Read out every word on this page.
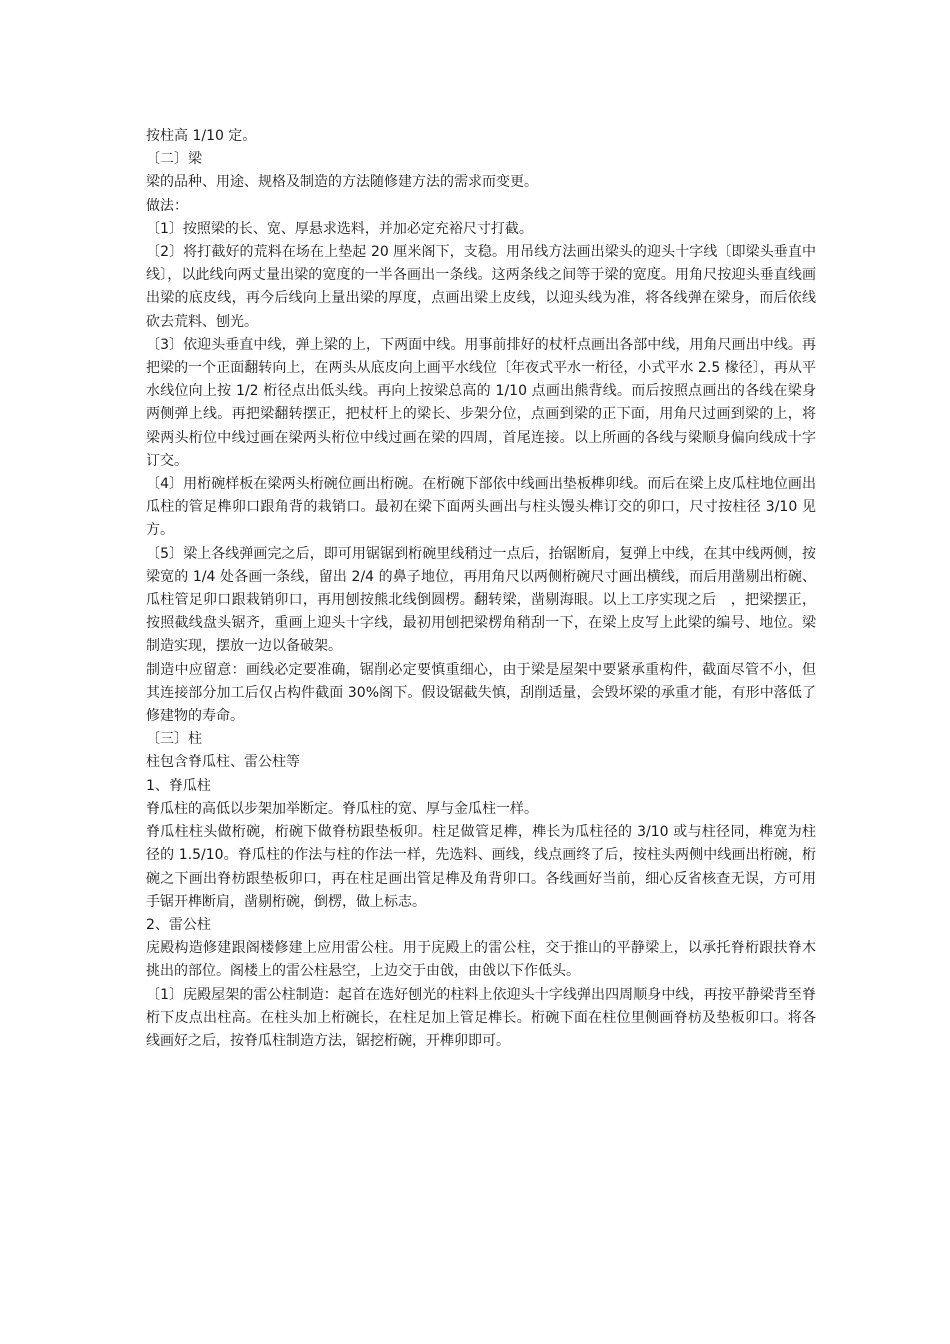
按柱高 1/10 定。

〔二〕梁

梁的品种、用途、规格及制造的方法随修建方法的需求而变更。

做法：

〔1〕按照梁的长、宽、厚悬求选料，并加必定充裕尺寸打截。

〔2〕将打截好的荒料在场在上垫起 20 厘米阁下，支稳。用吊线方法画出梁头的迎头十字线〔即梁头垂直中线〕，以此线向两丈量出梁的宽度的一半各画出一条线。这两条线之间等于梁的宽度。用角尺按迎头垂直线画出梁的底皮线，再今后线向上量出梁的厚度，点画出梁上皮线，以迎头线为准，将各线弹在梁身，而后依线砍去荒料、刨光。

〔3〕依迎头垂直中线，弹上梁的上，下两面中线。用事前排好的杖杆点画出各部中线，用角尺画出中线。再把梁的一个正面翻转向上，在两头从底皮向上画平水线位〔年夜式平水一桁径，小式平水 2.5 椽径〕，再从平水线位向上按 1/2 桁径点出低头线。再向上按梁总高的 1/10 点画出熊背线。而后按照点画出的各线在梁身两侧弹上线。再把梁翻转摆正，把杖杆上的梁长、步架分位，点画到梁的正下面，用角尺过画到梁的上，将梁两头桁位中线过画在梁两头桁位中线过画在梁的四周，首尾连接。以上所画的各线与梁顺身偏向线成十字订交。

〔4〕用桁碗样板在梁两头桁碗位画出桁碗。在桁碗下部依中线画出垫板榫卯线。而后在梁上皮瓜柱地位画出瓜柱的管足榫卯口跟角背的栽销口。最初在梁下面两头画出与柱头馒头榫订交的卯口，尺寸按柱径 3/10 见方。

〔5〕梁上各线弹画完之后，即可用锯锯到桁碗里线稍过一点后，抬锯断肩，复弹上中线，在其中线两侧，按梁宽的 1/4 处各画一条线，留出 2/4 的鼻子地位，再用角尺以两侧桁碗尺寸画出横线，而后用凿剔出桁碗、瓜柱管足卯口跟栽销卯口，再用刨按熊北线倒圆楞。翻转梁，凿剔海眼。以上工序实现之后　，把梁摆正，按照截线盘头锯齐，重画上迎头十字线，最初用刨把梁楞角稍刮一下，在梁上皮写上此梁的编号、地位。梁制造实现，摆放一边以备破架。

制造中应留意：画线必定要准确，锯削必定要慎重细心，由于梁是屋架中要紧承重构件，截面尽管不小，但其连接部分加工后仅占构件截面 30%阁下。假设锯截失慎，刮削适量，会毁坏梁的承重才能，有形中落低了修建物的寿命。

〔三〕柱

柱包含脊瓜柱、雷公柱等

1、脊瓜柱

脊瓜柱的高低以步架加举断定。脊瓜柱的宽、厚与金瓜柱一样。

脊瓜柱柱头做桁碗，桁碗下做脊枋跟垫板卯。柱足做管足榫，榫长为瓜柱径的 3/10 或与柱径同，榫宽为柱径的 1.5/10。脊瓜柱的作法与柱的作法一样，先选料、画线，线点画终了后，按柱头两侧中线画出桁碗，桁碗之下画出脊枋跟垫板卯口，再在柱足画出管足榫及角背卯口。各线画好当前，细心反省核查无误，方可用手锯开榫断肩，凿剔桁碗，倒楞，做上标志。

2、雷公柱

庑殿构造修建跟阁楼修建上应用雷公柱。用于庑殿上的雷公柱，交于推山的平静梁上，以承托脊桁跟扶脊木挑出的部位。阁楼上的雷公柱悬空，上边交于由戗，由戗以下作低头。

〔1〕庑殿屋架的雷公柱制造：起首在选好刨光的柱料上依迎头十字线弹出四周顺身中线，再按平静梁背至脊桁下皮点出柱高。在柱头加上桁碗长，在柱足加上管足榫长。桁碗下面在柱位里侧画脊枋及垫板卯口。将各线画好之后，按脊瓜柱制造方法，锯挖桁碗，开榫卯即可。
